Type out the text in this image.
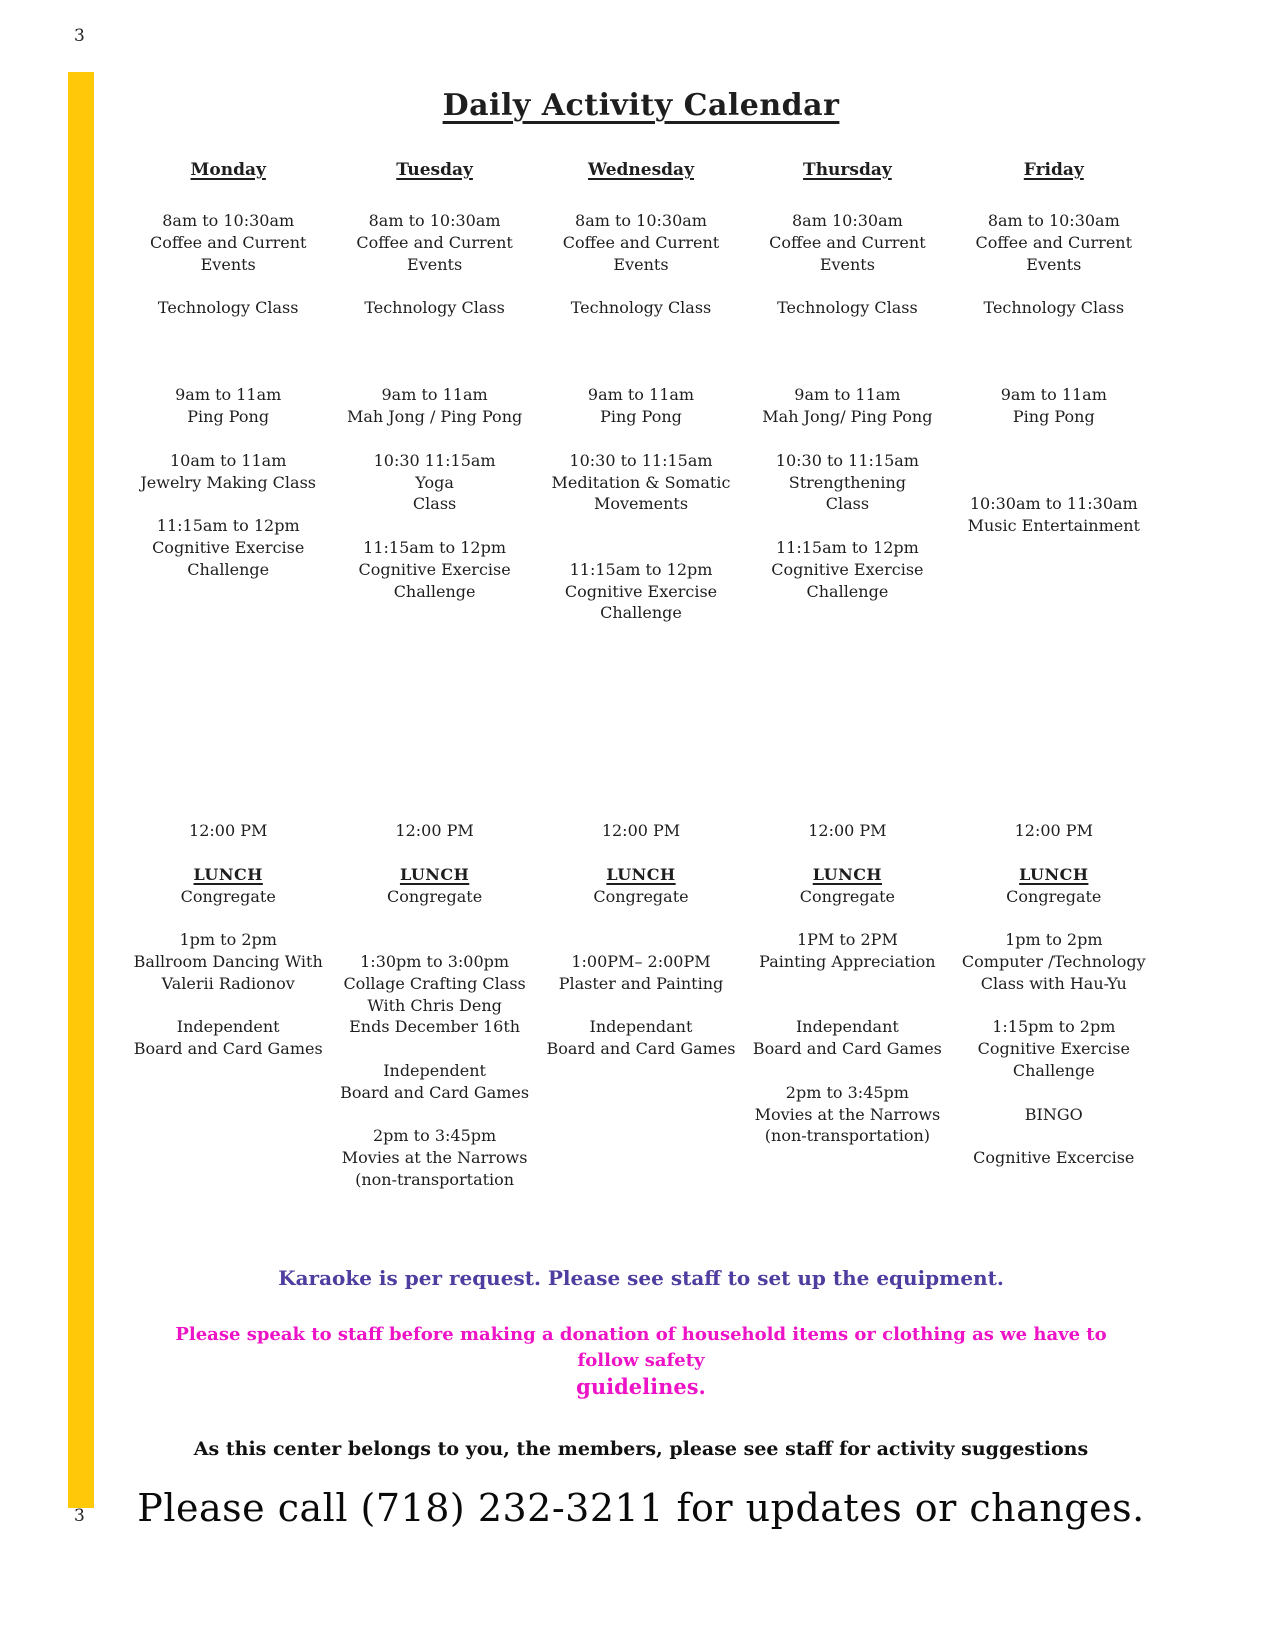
3
Daily Activity Calendar
Monday
8am to 10:30am
Coffee and Current
Events

Technology Class

9am to 11am
Ping Pong

10am to 11am
Jewelry Making Class

11:15am to 12pm
Cognitive Exercise
Challenge

12:00 PM

LUNCH
Congregate

1pm to 2pm
Ballroom Dancing With
Valerii Radionov

Independent
Board and Card Games
Tuesday
8am to 10:30am
Coffee and Current
Events

Technology Class

9am to 11am
Mah Jong / Ping Pong

10:30 11:15am
Yoga
Class

11:15am to 12pm
Cognitive Exercise
Challenge

12:00 PM

LUNCH
Congregate

1:30pm to 3:00pm
Collage Crafting Class
With Chris Deng
Ends December 16th

Independent
Board and Card Games

2pm to 3:45pm
Movies at the Narrows
(non-transportation
Wednesday
8am to 10:30am
Coffee and Current
Events

Technology Class

9am to 11am
Ping Pong

10:30 to 11:15am
Meditation & Somatic
Movements

11:15am to 12pm
Cognitive Exercise
Challenge

12:00 PM

LUNCH
Congregate

1:00PM– 2:00PM
Plaster and Painting

Independant
Board and Card Games
Thursday
8am 10:30am
Coffee and Current
Events

Technology Class

9am to 11am
Mah Jong/ Ping Pong

10:30 to 11:15am
Strengthening
Class

11:15am to 12pm
Cognitive Exercise
Challenge

12:00 PM

LUNCH
Congregate

1PM to 2PM
Painting Appreciation

Independant
Board and Card Games

2pm to 3:45pm
Movies at the Narrows
(non-transportation)
Friday
8am to 10:30am
Coffee and Current
Events

Technology Class

9am to 11am
Ping Pong

10:30am to 11:30am
Music Entertainment

12:00 PM

LUNCH
Congregate

1pm to 2pm
Computer /Technology
Class with Hau-Yu

1:15pm to 2pm
Cognitive Exercise
Challenge

BINGO

Cognitive Excercise
Karaoke is per request. Please see staff to set up the equipment.
Please speak to staff before making a donation of household items or clothing as we have to
follow safety
guidelines.
As this center belongs to you, the members, please see staff for activity suggestions
Please call (718) 232-3211 for updates or changes.
3
